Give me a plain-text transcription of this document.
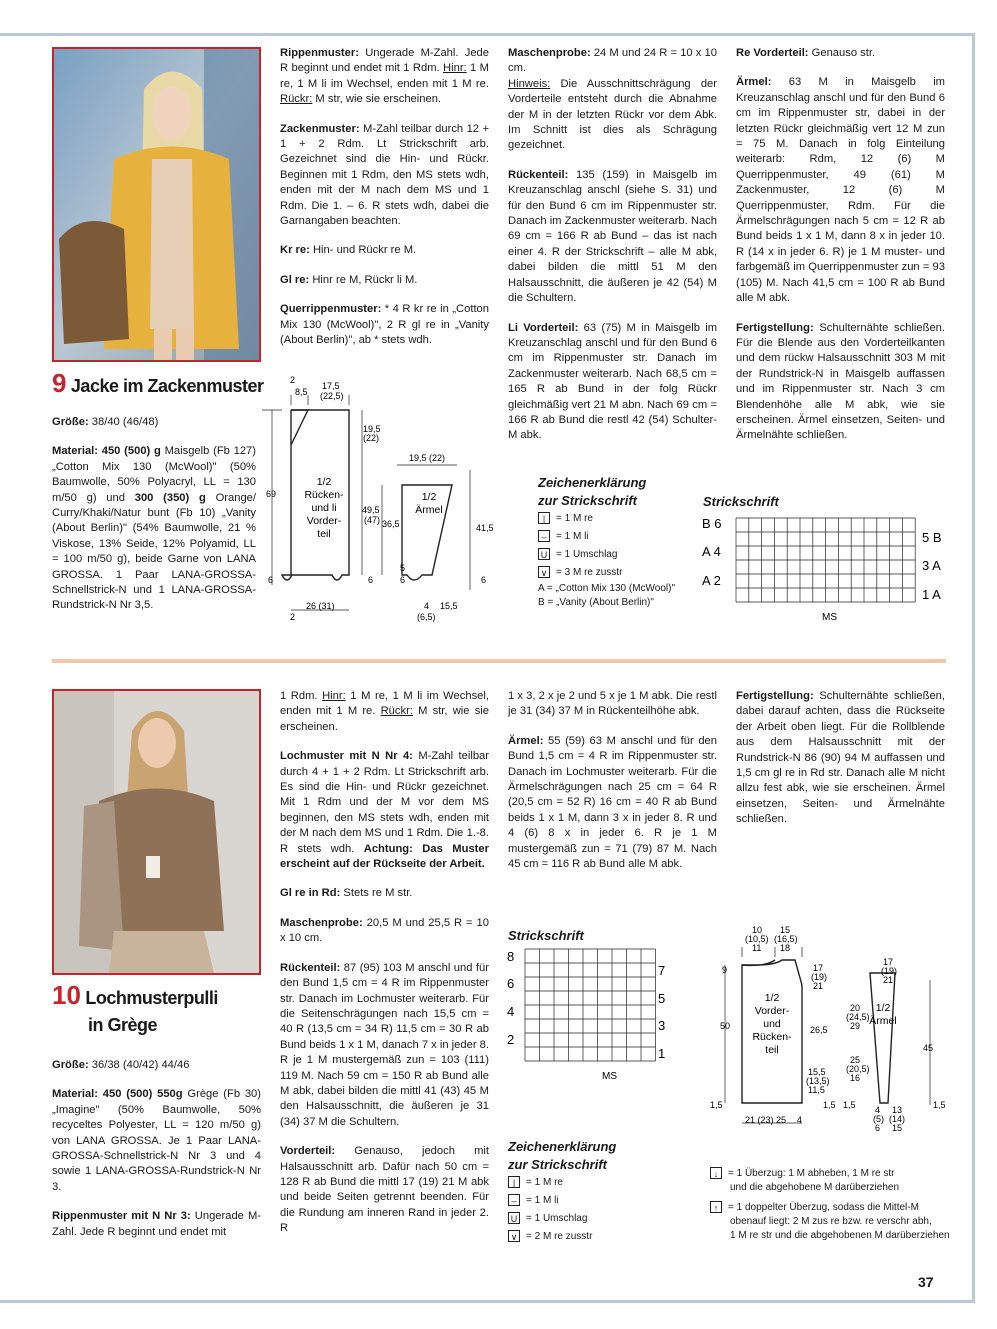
9 Jacke im Zackenmuster

Größe: 38/40 (46/48)

Material: 450 (500) g Maisgelb (Fb 127) „Cotton Mix 130 (McWool)" (50% Baumwolle, 50% Polyacryl, LL = 130 m/50 g) und 300 (350) g Orange/ Curry/Khaki/Natur bunt (Fb 10) „Vanity (About Berlin)" (54% Baumwolle, 21 % Viskose, 13% Seide, 12% Polyamid, LL = 100 m/50 g), beide Garne von LANA GROSSA. 1 Paar LANA-GROSSA-Schnellstrick-N und 1 LANA-GROSSA-Rundstrick-N Nr 3,5.

Rippenmuster: Ungerade M-Zahl. Jede R beginnt und endet mit 1 Rdm. Hinr: 1 M re, 1 M li im Wechsel, enden mit 1 M re. Rückr: M str, wie sie erscheinen.

Zackenmuster: M-Zahl teilbar durch 12 + 1 + 2 Rdm. Lt Strickschrift arb. Gezeichnet sind die Hin- und Rückr. Beginnen mit 1 Rdm, den MS stets wdh, enden mit der M nach dem MS und 1 Rdm. Die 1. – 6. R stets wdh, dabei die Garnangaben beachten.

Kr re: Hin- und Rückr re M.

Gl re: Hinr re M, Rückr li M.

Querrippenmuster: * 4 R kr re in „Cotton Mix 130 (McWool)", 2 R gl re in „Vanity (About Berlin)", ab * stets wdh.

Maschenprobe: 24 M und 24 R = 10 x 10 cm.
Hinweis: Die Ausschnittschrägung der Vorderteile entsteht durch die Abnahme der M in der letzten Rückr vor dem Abk. Im Schnitt ist dies als Schrägung gezeichnet.

Rückenteil: 135 (159) in Maisgelb im Kreuzanschlag anschl (siehe S. 31) und für den Bund 6 cm im Rippenmuster str. Danach im Zackenmuster weiterarb. Nach 69 cm = 166 R ab Bund – das ist nach einer 4. R der Strickschrift – alle M abk, dabei bilden die mittl 51 M den Halsausschnitt, die äußeren je 42 (54) M die Schultern.

Li Vorderteil: 63 (75) M in Maisgelb im Kreuzanschlag anschl und für den Bund 6 cm im Rippenmuster str. Danach im Zackenmuster weiterarb. Nach 68,5 cm = 165 R ab Bund in der folg Rückr gleichmäßig vert 21 M abn. Nach 69 cm = 166 R ab Bund die restl 42 (54) Schulter-M abk.

Re Vorderteil: Genauso str.

Ärmel: 63 M in Maisgelb im Kreuzanschlag anschl und für den Bund 6 cm im Rippenmuster str, dabei in der letzten Rückr gleichmäßig vert 12 M zun = 75 M. Danach in folg Einteilung weiterarb: Rdm, 12 (6) M Querrippenmuster, 49 (61) M Zackenmuster, 12 (6) M Querrippenmuster, Rdm. Für die Ärmelschrägungen nach 5 cm = 12 R ab Bund beids 1 x 1 M, dann 8 x in jeder 10. R (14 x in jeder 6. R) je 1 M muster- und farbgemäß im Querrippenmuster zun = 93 (105) M. Nach 41,5 cm = 100 R ab Bund alle M abk.

Fertigstellung: Schulternähte schließen. Für die Blende aus den Vorderteilkanten und dem rückw Halsausschnitt 303 M mit der Rundstrick-N in Maisgelb auffassen und im Rippenmuster str. Nach 3 cm Blendenhöhe alle M abk, wie sie erscheinen. Ärmel einsetzen, Seiten- und Ärmelnähte schließen.

2
8,5
17,5
(22,5)
19,5
(22)
69
49,5
(47)
6	6
26 (31)
2
1/2
Rücken-
und li
Vorder-
teil
1/2
Ärmel
19,5 (22)
36,5	41,5
5
6	6
4
(6,5)
15,5
Zeichenerklärung
zur Strickschrift
| = 1 M re
– = 1 M li
U = 1 Umschlag
∨ = 3 M re zusstr
A = „Cotton Mix 130 (McWool)"
B = „Vanity (About Berlin)"
Strickschrift
B 6
A 4
A 2
5 B
3 A
1 A
MS
10 Lochmusterpulli
in Grège

Größe: 36/38 (40/42) 44/46

Material: 450 (500) 550g Grège (Fb 30) „Imagine" (50% Baumwolle, 50% recyceltes Polyester, LL = 120 m/50 g) von LANA GROSSA. Je 1 Paar LANA-GROSSA-Schnellstrick-N Nr 3 und 4 sowie 1 LANA-GROSSA-Rundstrick-N Nr 3.

Rippenmuster mit N Nr 3: Ungerade M-Zahl. Jede R beginnt und endet mit

1 Rdm. Hinr: 1 M re, 1 M li im Wechsel, enden mit 1 M re. Rückr: M str, wie sie erscheinen.

Lochmuster mit N Nr 4: M-Zahl teilbar durch 4 + 1 + 2 Rdm. Lt Strickschrift arb. Es sind die Hin- und Rückr gezeichnet. Mit 1 Rdm und der M vor dem MS beginnen, den MS stets wdh, enden mit der M nach dem MS und 1 Rdm. Die 1.-8. R stets wdh. Achtung: Das Muster erscheint auf der Rückseite der Arbeit.

Gl re in Rd: Stets re M str.

Maschenprobe: 20,5 M und 25,5 R = 10 x 10 cm.

Rückenteil: 87 (95) 103 M anschl und für den Bund 1,5 cm = 4 R im Rippenmuster str. Danach im Lochmuster weiterarb. Für die Seitenschrägungen nach 15,5 cm = 40 R (13,5 cm = 34 R) 11,5 cm = 30 R ab Bund beids 1 x 1 M, danach 7 x in jeder 8. R je 1 M mustergemäß zun = 103 (111) 119 M. Nach 59 cm = 150 R ab Bund alle M abk, dabei bilden die mittl 41 (43) 45 M den Halsausschnitt, die äußeren je 31 (34) 37 M die Schultern.

Vorderteil: Genauso, jedoch mit Halsausschnitt arb. Dafür nach 50 cm = 128 R ab Bund die mittl 17 (19) 21 M abk und beide Seiten getrennt beenden. Für die Rundung am inneren Rand in jeder 2. R

1 x 3, 2 x je 2 und 5 x je 1 M abk. Die restl je 31 (34) 37 M in Rückenteilhöhe abk.

Ärmel: 55 (59) 63 M anschl und für den Bund 1,5 cm = 4 R im Rippenmuster str. Danach im Lochmuster weiterarb. Für die Ärmelschrägungen nach 25 cm = 64 R (20,5 cm = 52 R) 16 cm = 40 R ab Bund beids 1 x 1 M, dann 3 x in jeder 8. R und 4 (6) 8 x in jeder 6. R je 1 M mustergemäß zun = 71 (79) 87 M. Nach 45 cm = 116 R ab Bund alle M abk.

Fertigstellung: Schulternähte schließen, dabei darauf achten, dass die Rückseite der Arbeit oben liegt. Für die Rollblende aus dem Halsausschnitt mit der Rundstrick-N 86 (90) 94 M auffassen und 1,5 cm gl re in Rd str. Danach alle M nicht allzu fest abk, wie sie erscheinen. Ärmel einsetzen, Seiten- und Ärmelnähte schließen.

Strickschrift
8
6
4
2
7
5
3
1
MS
Zeichenerklärung
zur Strickschrift
| = 1 M re
– = 1 M li
U = 1 Umschlag
∨ = 2 M re zusstr
↓ = 1 Überzug: 1 M abheben, 1 M re str
und die abgehobene M darüberziehen
↑ = 1 doppelter Überzug, sodass die Mittel-M
obenauf liegt: 2 M zus re bzw. re verschr abh,
1 M re str und die abgehobenen M darüberziehen
10
(10,5)
11
15
(16,5)
18
9	17
(19)
21
50	26,5
15,5
(13,5)
11,5
1,5	1,5
21 (23) 25 4
17
(19)
21
20
(24,5)
29
25
(20,5)
16
45
1,5	1,5
4
(5)
6
13
(14)
15
1/2
Vorder-
und
Rücken-
teil
1/2
Ärmel
37
